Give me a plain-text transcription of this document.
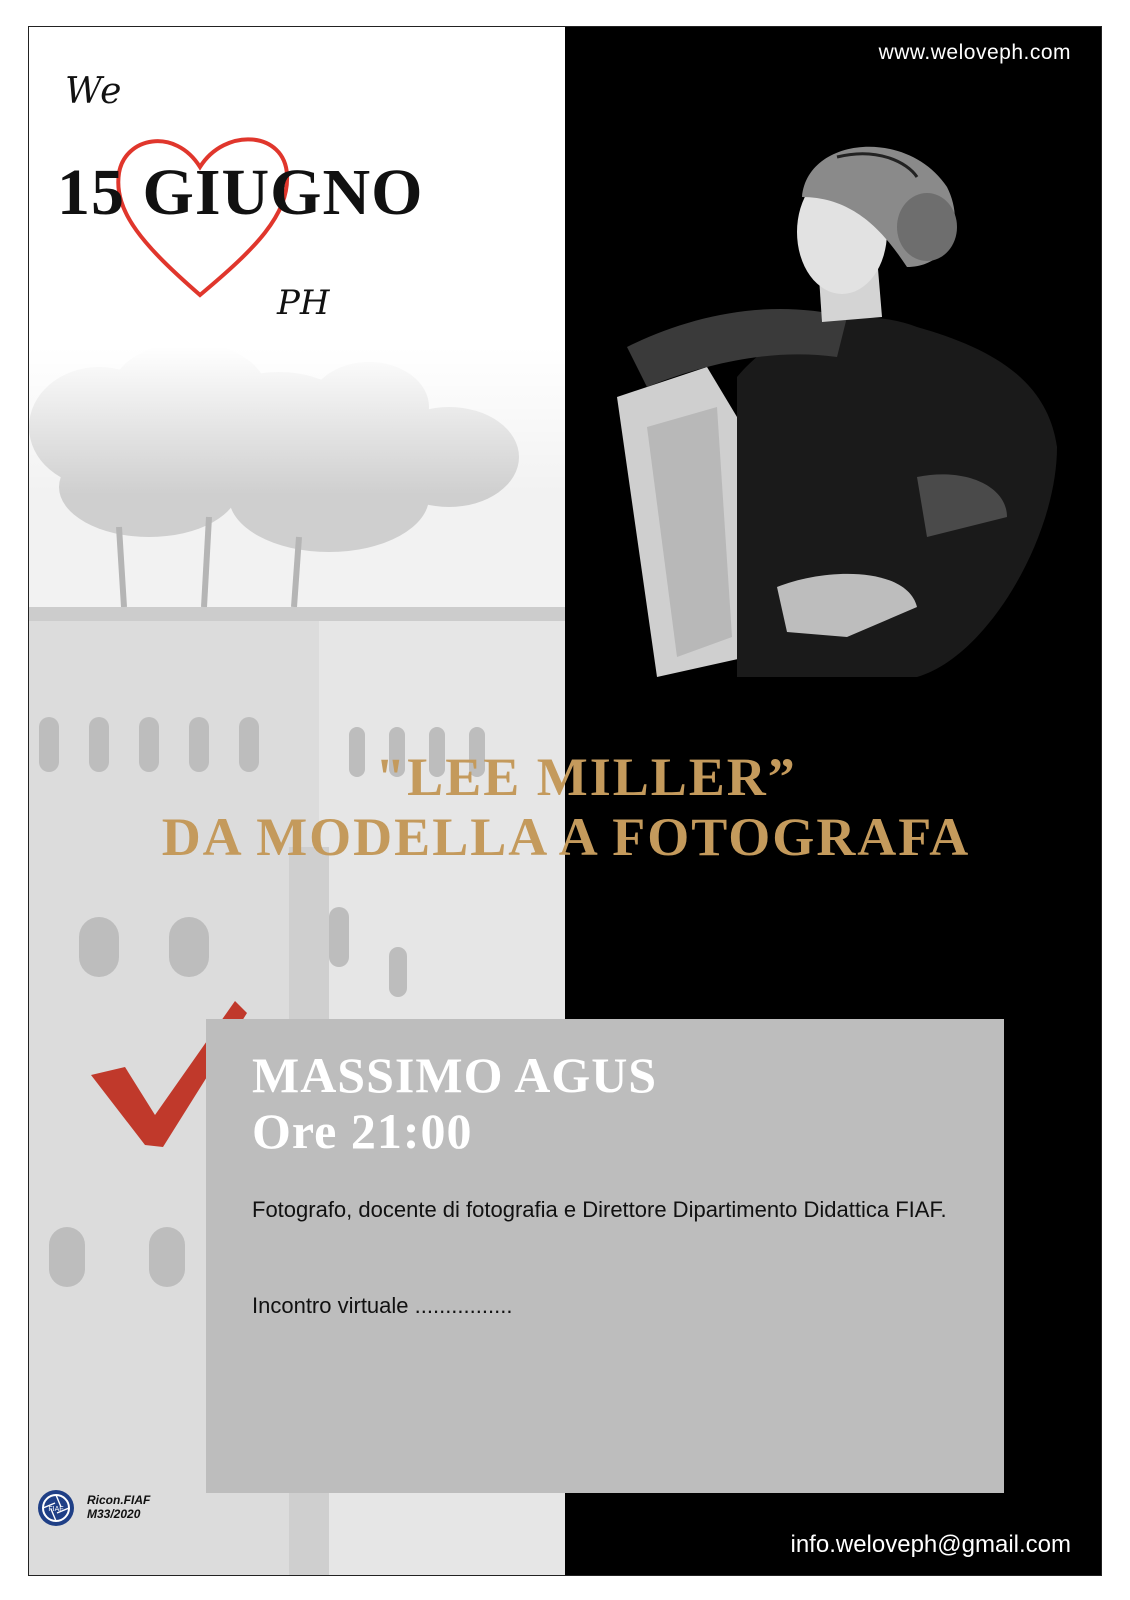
We
15 GIUGNO
PH
FIAF
Ricon.FIAF
M33/2020
www.weloveph.com
info.weloveph@gmail.com
"LEE MILLER”
DA MODELLA A FOTOGRAFA
MASSIMO AGUS
Ore 21:00
Fotografo, docente di fotografia e Direttore Dipartimento Didattica FIAF.
Incontro virtuale ................
